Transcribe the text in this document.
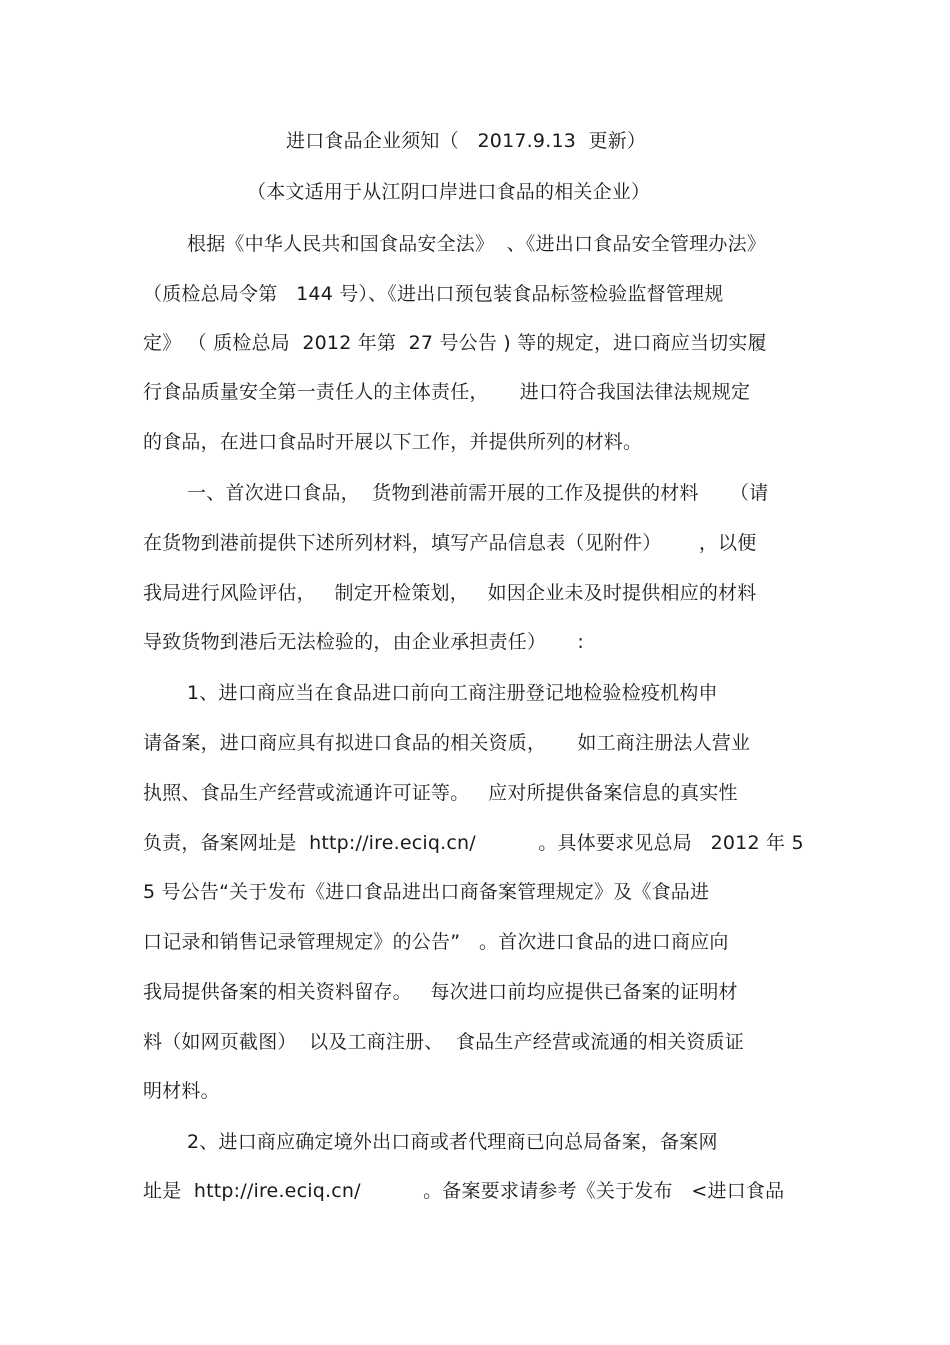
进口食品企业须知（   2017.9.13  更新）
（本文适用于从江阴口岸进口食品的相关企业）
根据《中华人民共和国食品安全法》  、《进出口食品安全管理办法》
（质检总局令第   144 号）、《进出口预包装食品标签检验监督管理规
定》 （ 质检总局  2012 年第  27 号公告 ) 等的规定，进口商应当切实履
行食品质量安全第一责任人的主体责任，     进口符合我国法律法规规定
的食品，在进口食品时开展以下工作，并提供所列的材料。
一、首次进口食品，  货物到港前需开展的工作及提供的材料     （请
在货物到港前提供下述所列材料，填写产品信息表（见附件）      ，以便
我局进行风险评估，   制定开检策划，   如因企业未及时提供相应的材料
导致货物到港后无法检验的，由企业承担责任）     :
1、进口商应当在食品进口前向工商注册登记地检验检疫机构申
请备案，进口商应具有拟进口食品的相关资质，     如工商注册法人营业
执照、食品生产经营或流通许可证等。   应对所提供备案信息的真实性
负责，备案网址是  http://ire.eciq.cn/          。具体要求见总局   2012 年 5
5 号公告“关于发布《进口食品进出口商备案管理规定》及《食品进
口记录和销售记录管理规定》的公告”   。首次进口食品的进口商应向
我局提供备案的相关资料留存。   每次进口前均应提供已备案的证明材
料（如网页截图）  以及工商注册、  食品生产经营或流通的相关资质证
明材料。
2、进口商应确定境外出口商或者代理商已向总局备案，备案网
址是  http://ire.eciq.cn/          。备案要求请参考《关于发布   <进口食品
